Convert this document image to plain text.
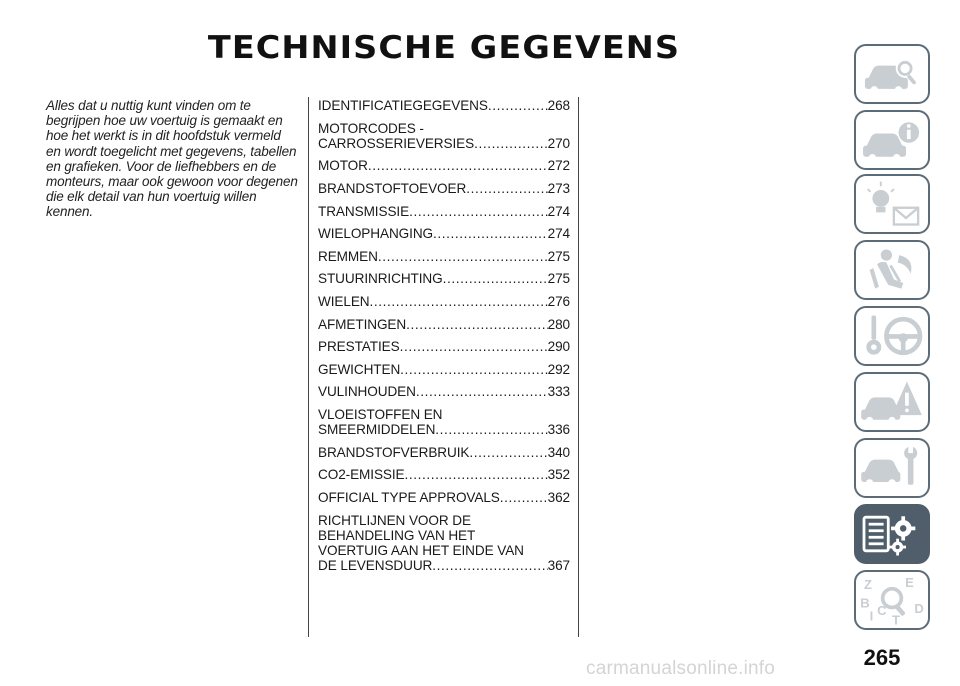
TECHNISCHE GEGEVENS

Alles dat u nuttig kunt vinden om te begrijpen hoe uw voertuig is gemaakt en hoe het werkt is in dit hoofdstuk vermeld en wordt toegelicht met gegevens, tabellen en grafieken. Voor de liefhebbers en de monteurs, maar ook gewoon voor degenen die elk detail van hun voertuig willen kennen.

IDENTIFICATIEGEGEVENS .....	268
MOTORCODES -
CARROSSERIEVERSIES .....	270
MOTOR .....	272
BRANDSTOFTOEVOER .....	273
TRANSMISSIE .....	274
WIELOPHANGING .....	274
REMMEN .....	275
STUURINRICHTING .....	275
WIELEN .....	276
AFMETINGEN .....	280
PRESTATIES .....	290
GEWICHTEN .....	292
VULINHOUDEN .....	333
VLOEISTOFFEN EN
SMEERMIDDELEN .....	336
BRANDSTOFVERBRUIK .....	340
CO2-EMISSIE .....	352
OFFICIAL TYPE APPROVALS .....	362
RICHTLIJNEN VOOR DE
BEHANDELING VAN HET
VOERTUIG AAN HET EINDE VAN
DE LEVENSDUUR .....	367
Z E
B C D
I T
265
carmanualsonline.info
